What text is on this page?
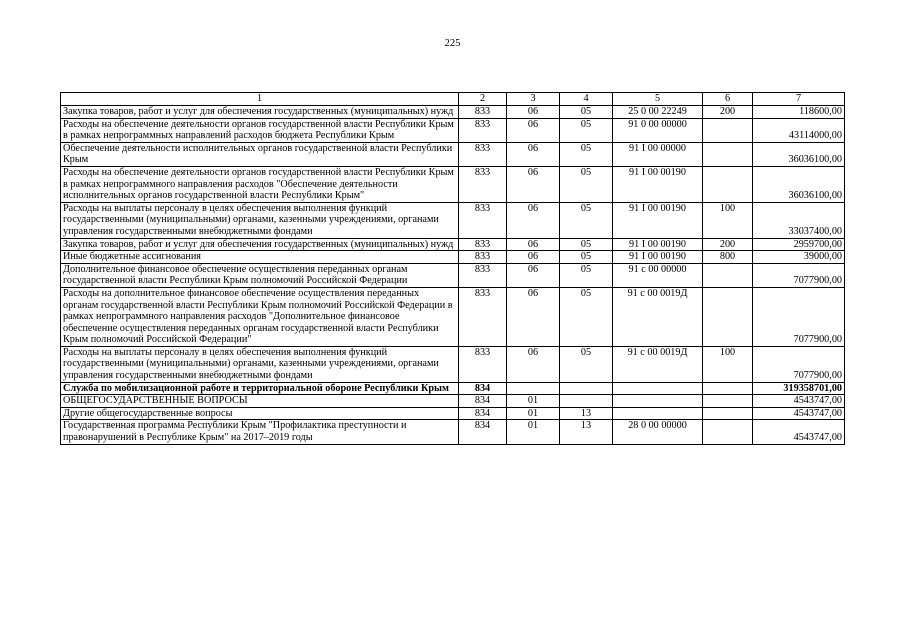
225
1	2	3	4	5	6	7
Закупка товаров, работ и услуг для обеспечения государственных (муниципальных) нужд	833	06	05	25 0 00 22249	200	118600,00
Расходы на обеспечение деятельности органов государственной власти Республики Крым в рамках непрограммных направлений расходов бюджета Республики Крым	833	06	05	91 0 00 00000		43114000,00
Обеспечение деятельности исполнительных органов государственной власти Республики Крым	833	06	05	91 I 00 00000		36036100,00
Расходы на обеспечение деятельности органов государственной власти Республики Крым в рамках непрограммного направления расходов "Обеспечение деятельности исполнительных органов государственной власти Республики Крым"	833	06	05	91 I 00 00190		36036100,00
Расходы на выплаты персоналу в целях обеспечения выполнения функций государственными (муниципальными) органами, казенными учреждениями, органами управления государственными внебюджетными фондами	833	06	05	91 I 00 00190	100	33037400,00
Закупка товаров, работ и услуг для обеспечения государственных (муниципальных) нужд	833	06	05	91 I 00 00190	200	2959700,00
Иные бюджетные ассигнования	833	06	05	91 I 00 00190	800	39000,00
Дополнительное финансовое обеспечение осуществления переданных органам государственной власти Республики Крым полномочий Российской Федерации	833	06	05	91 с 00 00000		7077900,00
Расходы на дополнительное финансовое обеспечение осуществления переданных органам государственной власти Республики Крым полномочий Российской Федерации в рамках непрограммного направления расходов "Дополнительное финансовое обеспечение осуществления переданных органам государственной власти Республики Крым полномочий Российской Федерации"	833	06	05	91 с 00 0019Д		7077900,00
Расходы на выплаты персоналу в целях обеспечения выполнения функций государственными (муниципальными) органами, казенными учреждениями, органами управления государственными внебюджетными фондами	833	06	05	91 с 00 0019Д	100	7077900,00
Служба по мобилизационной работе и территориальной обороне Республики Крым	834					319358701,00
ОБЩЕГОСУДАРСТВЕННЫЕ ВОПРОСЫ	834	01				4543747,00
Другие общегосударственные вопросы	834	01	13			4543747,00
Государственная программа Республики Крым "Профилактика преступности и правонарушений в Республике Крым" на 2017–2019 годы	834	01	13	28 0 00 00000		4543747,00
